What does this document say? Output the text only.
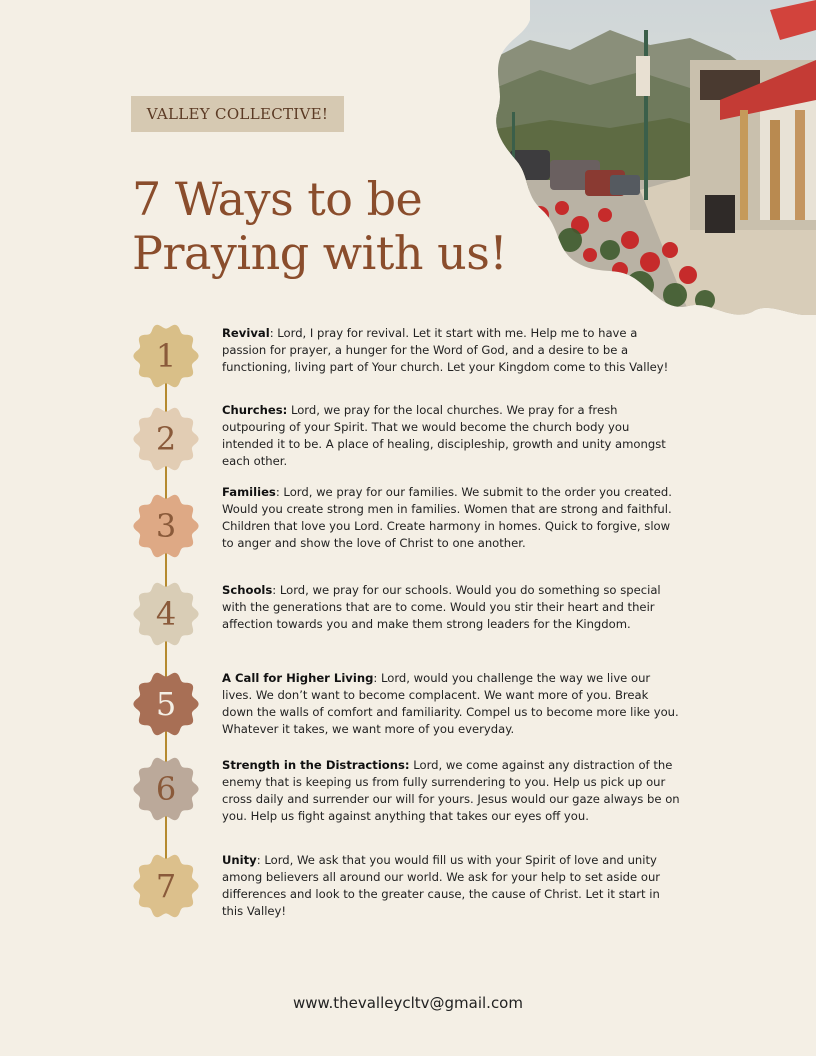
VALLEY COLLECTIVE!
7 Ways to be
Praying with us!
1
2
3
4
5
6
7
Revival: Lord, I pray for revival. Let it start with me. Help me to have a passion for prayer, a hunger for the Word of God, and a desire to be a functioning, living part of Your church. Let your Kingdom come to this Valley!
Churches: Lord, we pray for the local churches. We pray for a fresh outpouring of your Spirit. That we would become the church body you intended it to be. A place of healing, discipleship, growth and unity amongst each other.
Families: Lord, we pray for our families. We submit to the order you created. Would you create strong men in families. Women that are strong and faithful. Children that love you Lord. Create harmony in homes. Quick to forgive, slow to anger and show the love of Christ to one another.
Schools: Lord, we pray for our schools. Would you do something so special with the generations that are to come. Would you stir their heart and their affection towards you and make them strong leaders for the Kingdom.
A Call for Higher Living: Lord, would you challenge the way we live our lives. We don’t want to become complacent. We want more of you. Break down the walls of comfort and familiarity. Compel us to become more like you. Whatever it takes, we want more of you everyday.
Strength in the Distractions: Lord, we come against any distraction of the enemy that is keeping us from fully surrendering to you. Help us pick up our cross daily and surrender our will for yours. Jesus would our gaze always be on you. Help us fight against anything that takes our eyes off you.
Unity: Lord, We ask that you would fill us with your Spirit of love and unity among believers all around our world. We ask for your help to set aside our differences and look to the greater cause, the cause of Christ. Let it start in this Valley!
www.thevalleycltv@gmail.com
